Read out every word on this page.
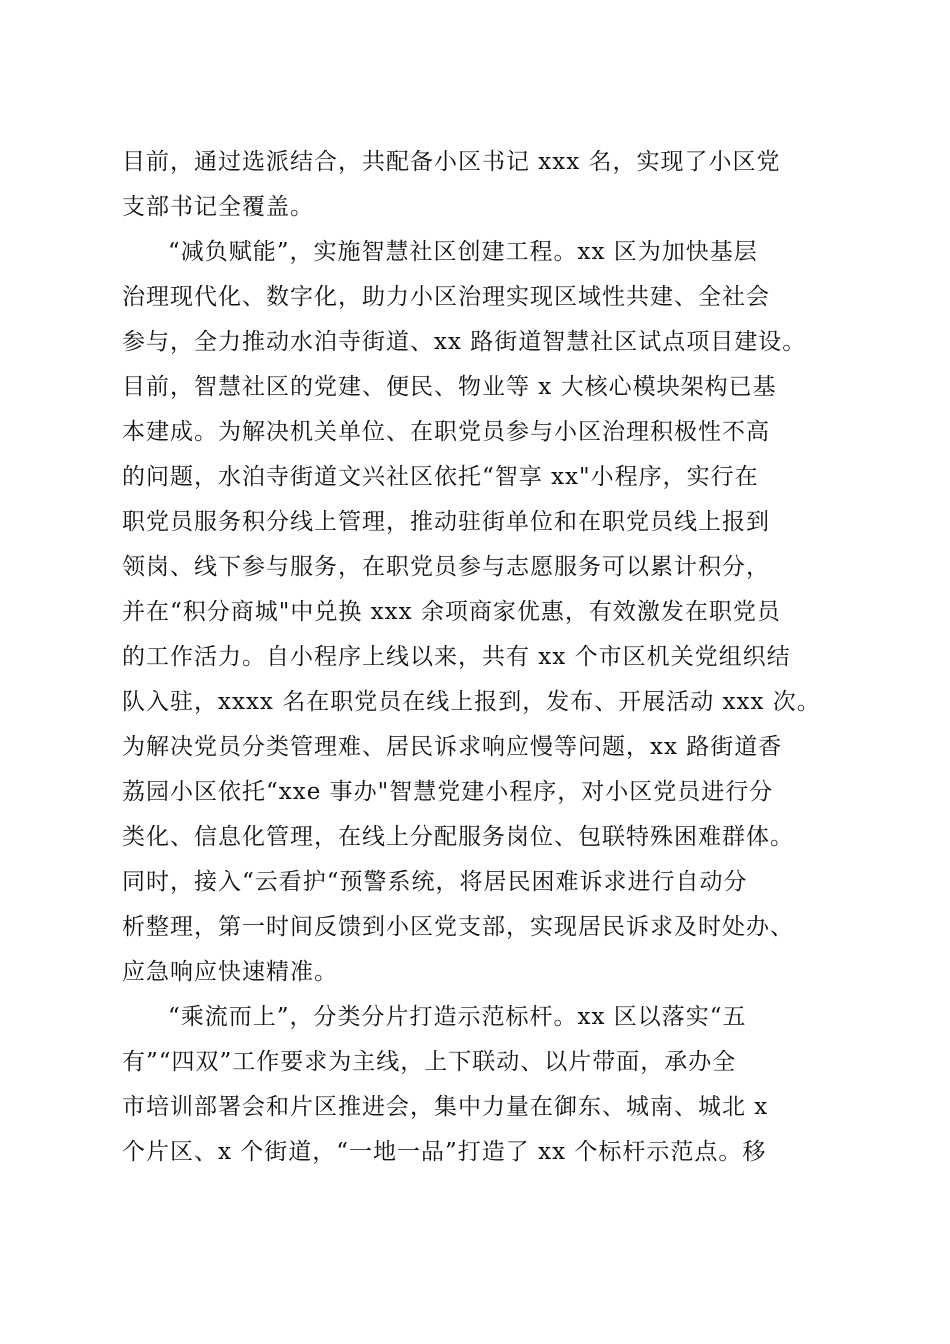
目前，通过选派结合，共配备小区书记 xxx 名，实现了小区党
支部书记全覆盖。
“减负赋能”，实施智慧社区创建工程。xx 区为加快基层
治理现代化、数字化，助力小区治理实现区域性共建、全社会
参与，全力推动水泊寺街道、xx 路街道智慧社区试点项目建设。
目前，智慧社区的党建、便民、物业等 x 大核心模块架构已基
本建成。为解决机关单位、在职党员参与小区治理积极性不高
的问题，水泊寺街道文兴社区依托“智享 xx"小程序，实行在
职党员服务积分线上管理，推动驻街单位和在职党员线上报到
领岗、线下参与服务，在职党员参与志愿服务可以累计积分，
并在“积分商城"中兑换 xxx 余项商家优惠，有效激发在职党员
的工作活力。自小程序上线以来，共有 xx 个市区机关党组织结
队入驻，xxxx 名在职党员在线上报到，发布、开展活动 xxx 次。
为解决党员分类管理难、居民诉求响应慢等问题，xx 路街道香
荔园小区依托“xxe 事办"智慧党建小程序，对小区党员进行分
类化、信息化管理，在线上分配服务岗位、包联特殊困难群体。
同时，接入“云看护“预警系统，将居民困难诉求进行自动分
析整理，第一时间反馈到小区党支部，实现居民诉求及时处办、
应急响应快速精准。
“乘流而上”，分类分片打造示范标杆。xx 区以落实“五
有”“四双”工作要求为主线，上下联动、以片带面，承办全
市培训部署会和片区推进会，集中力量在御东、城南、城北 x
个片区、x 个街道，“一地一品”打造了 xx 个标杆示范点。移
